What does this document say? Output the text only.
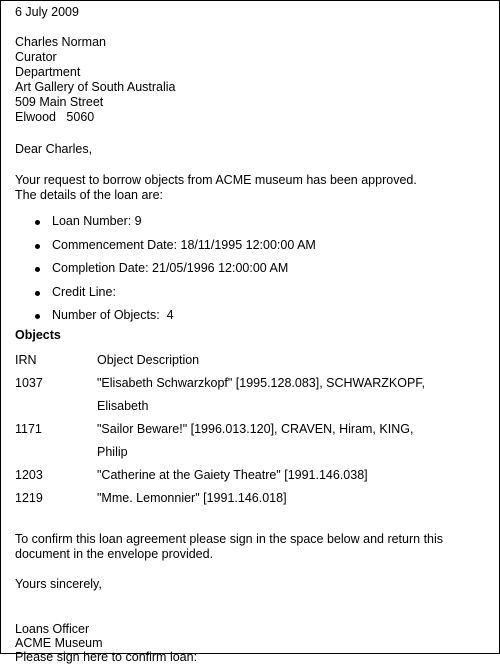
6 July 2009
Charles Norman
Curator
Department
Art Gallery of South Australia
509 Main Street
Elwood   5060
Dear Charles,
Your request to borrow objects from ACME museum has been approved.
The details of the loan are:
Loan Number: 9
Commencement Date: 18/11/1995 12:00:00 AM
Completion Date: 21/05/1996 12:00:00 AM
Credit Line:
Number of Objects:  4
Objects
IRN	Object Description
1037	"Elisabeth Schwarzkopf" [1995.128.083], SCHWARZKOPF,
Elisabeth

1171	"Sailor Beware!" [1996.013.120], CRAVEN, Hiram, KING,
Philip

1203	"Catherine at the Gaiety Theatre" [1991.146.038]

1219	"Mme. Lemonnier" [1991.146.018]
To confirm this loan agreement please sign in the space below and return this
document in the envelope provided.
Yours sincerely,
Loans Officer
ACME Museum
Please sign here to confirm loan:
